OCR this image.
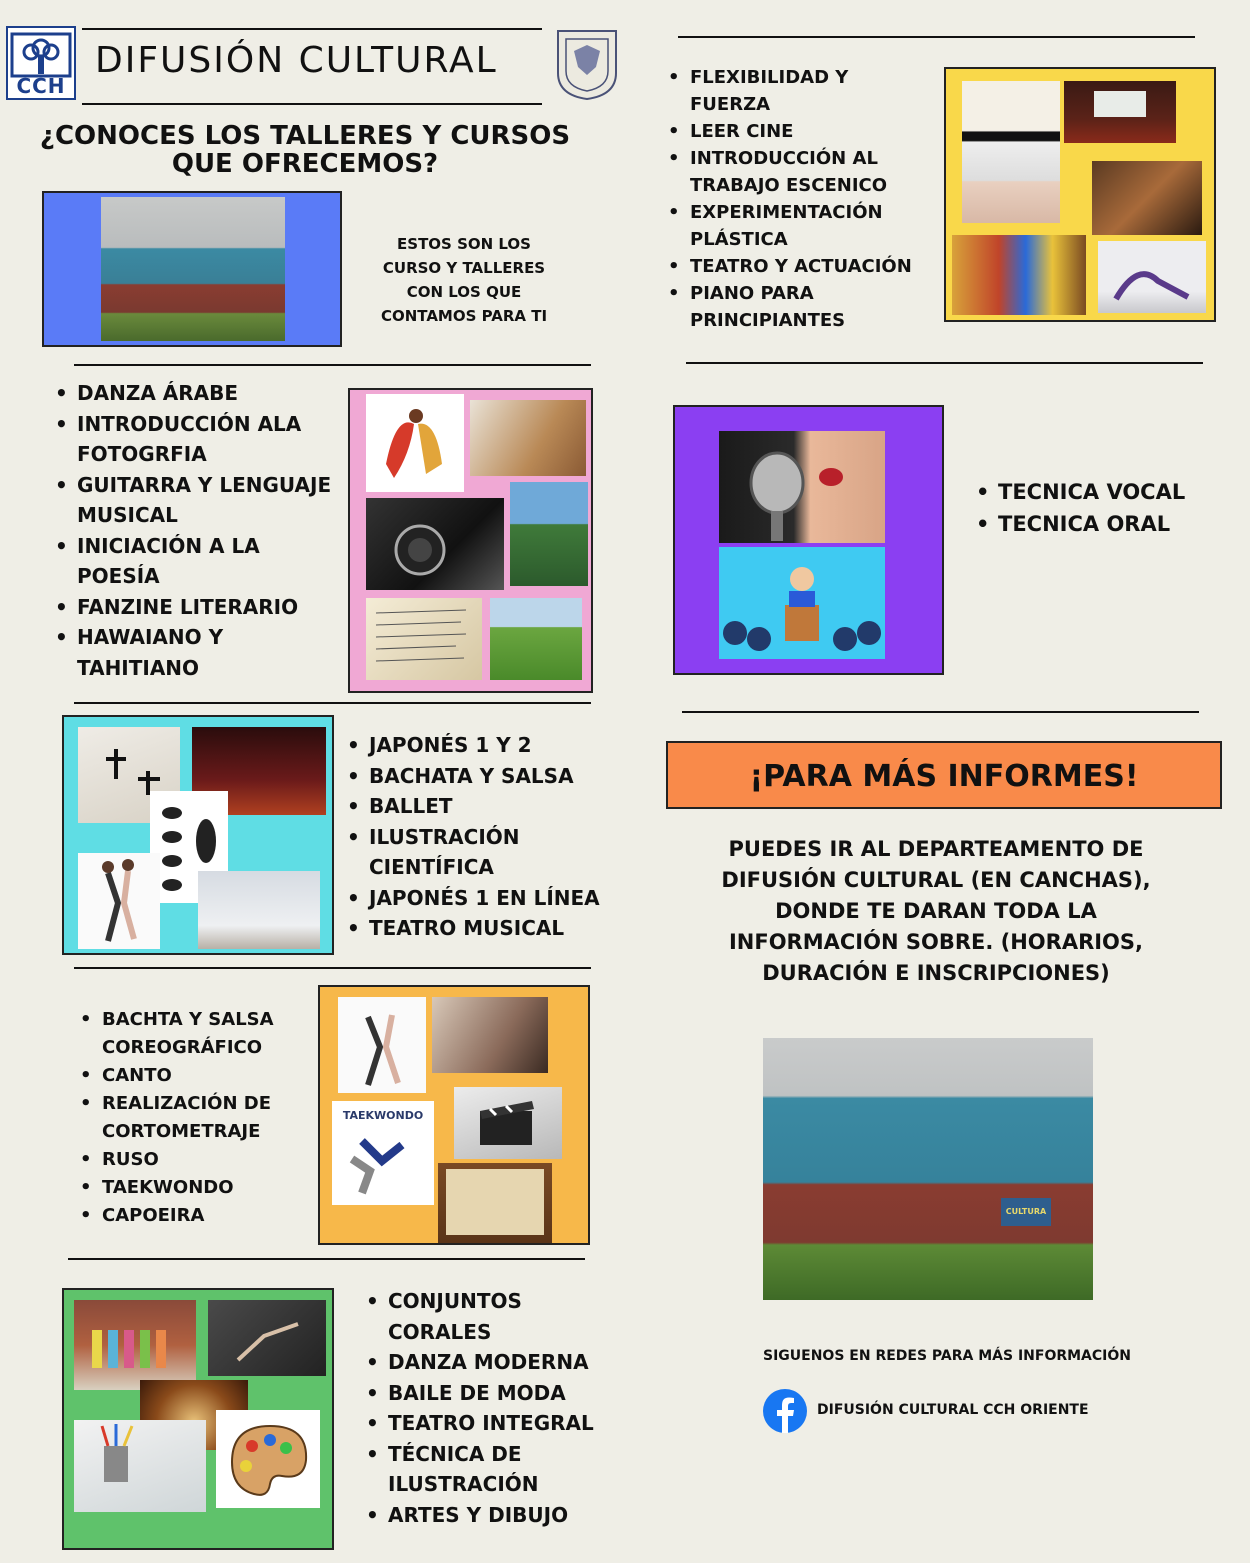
CCH
DIFUSIÓN CULTURAL
¿CONOCES LOS TALLERES Y CURSOS QUE OFRECEMOS?
ESTOS SON LOS CURSO Y TALLERES CON LOS QUE CONTAMOS PARA TI
• DANZA ÁRABE
• INTRODUCCIÓN ALA FOTOGRFIA
• GUITARRA Y LENGUAJE MUSICAL
• INICIACIÓN A LA POESÍA
• FANZINE LITERARIO
• HAWAIANO Y TAHITIANO
• JAPONÉS 1 Y 2
• BACHATA Y SALSA
• BALLET
• ILUSTRACIÓN CIENTÍFICA
• JAPONÉS 1 EN LÍNEA
• TEATRO MUSICAL
• BACHTA Y SALSA COREOGRÁFICO
• CANTO
• REALIZACIÓN DE CORTOMETRAJE
• RUSO
• TAEKWONDO
• CAPOEIRA
TAEKWONDO
• CONJUNTOS CORALES
• DANZA MODERNA
• BAILE DE MODA
• TEATRO INTEGRAL
• TÉCNICA DE ILUSTRACIÓN
• ARTES Y DIBUJO
• FLEXIBILIDAD Y FUERZA
• LEER CINE
• INTRODUCCIÓN AL TRABAJO ESCENICO
• EXPERIMENTACIÓN PLÁSTICA
• TEATRO Y ACTUACIÓN
• PIANO PARA PRINCIPIANTES
• TECNICA VOCAL
• TECNICA ORAL
¡PARA MÁS INFORMES!
PUEDES IR AL DEPARTEAMENTO DE DIFUSIÓN CULTURAL (EN CANCHAS), DONDE TE DARAN TODA LA INFORMACIÓN SOBRE. (HORARIOS, DURACIÓN E INSCRIPCIONES)
CULTURA
SIGUENOS EN REDES PARA MÁS INFORMACIÓN
DIFUSIÓN CULTURAL CCH ORIENTE
